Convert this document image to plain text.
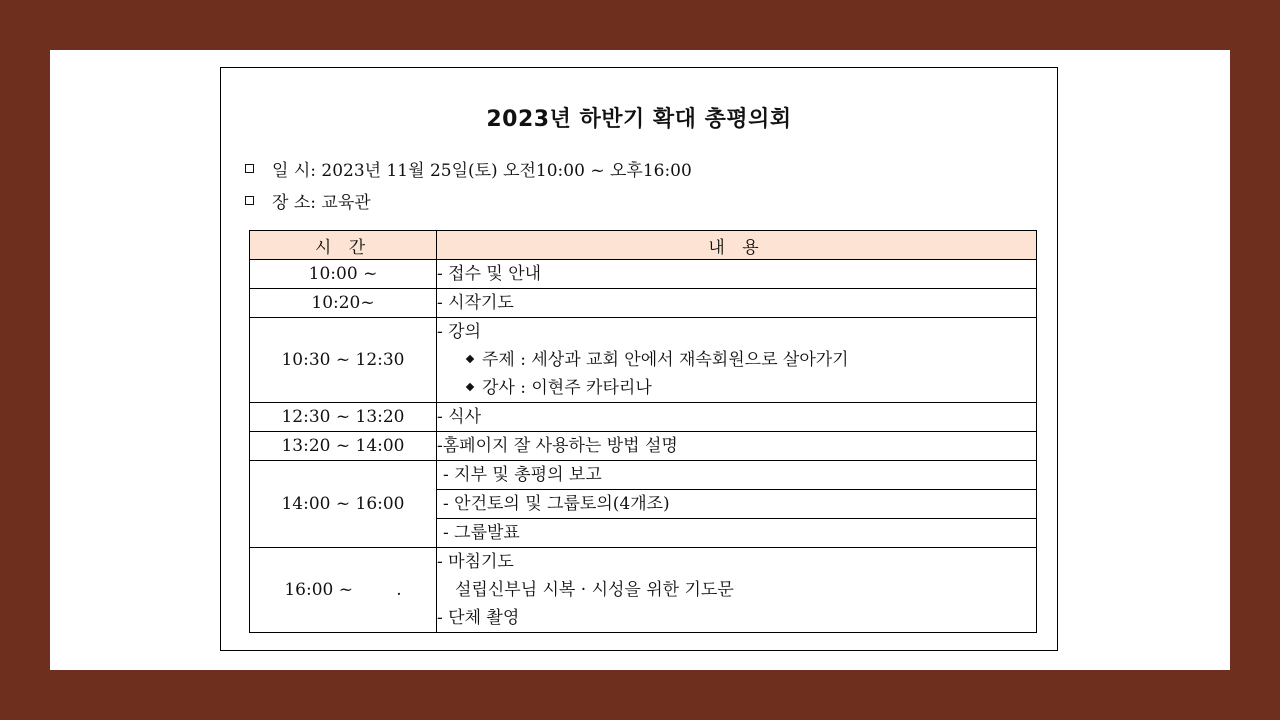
2023년 하반기 확대 총평의회
일 시:
2023년 11월 25일(토) 오전10:00 ~ 오후16:00
장 소:
교육관
시 간	내 용
10:00 ~	- 접수 및 안내

10:20~	- 시작기도

10:30 ~ 12:30	- 강의
주제 : 세상과 교회 안에서 재속회원으로 살아가기
강사 : 이현주 카타리나

12:30 ~ 13:20	- 식사

13:20 ~ 14:00	-홈페이지 잘 사용하는 방법 설명

14:00 ~ 16:00	- 지부 및 총평의 보고
- 안건토의 및 그룹토의(4개조)
- 그룹발표

16:00 ~        .	- 마침기도
설립신부님 시복 · 시성을 위한 기도문
- 단체 촬영
